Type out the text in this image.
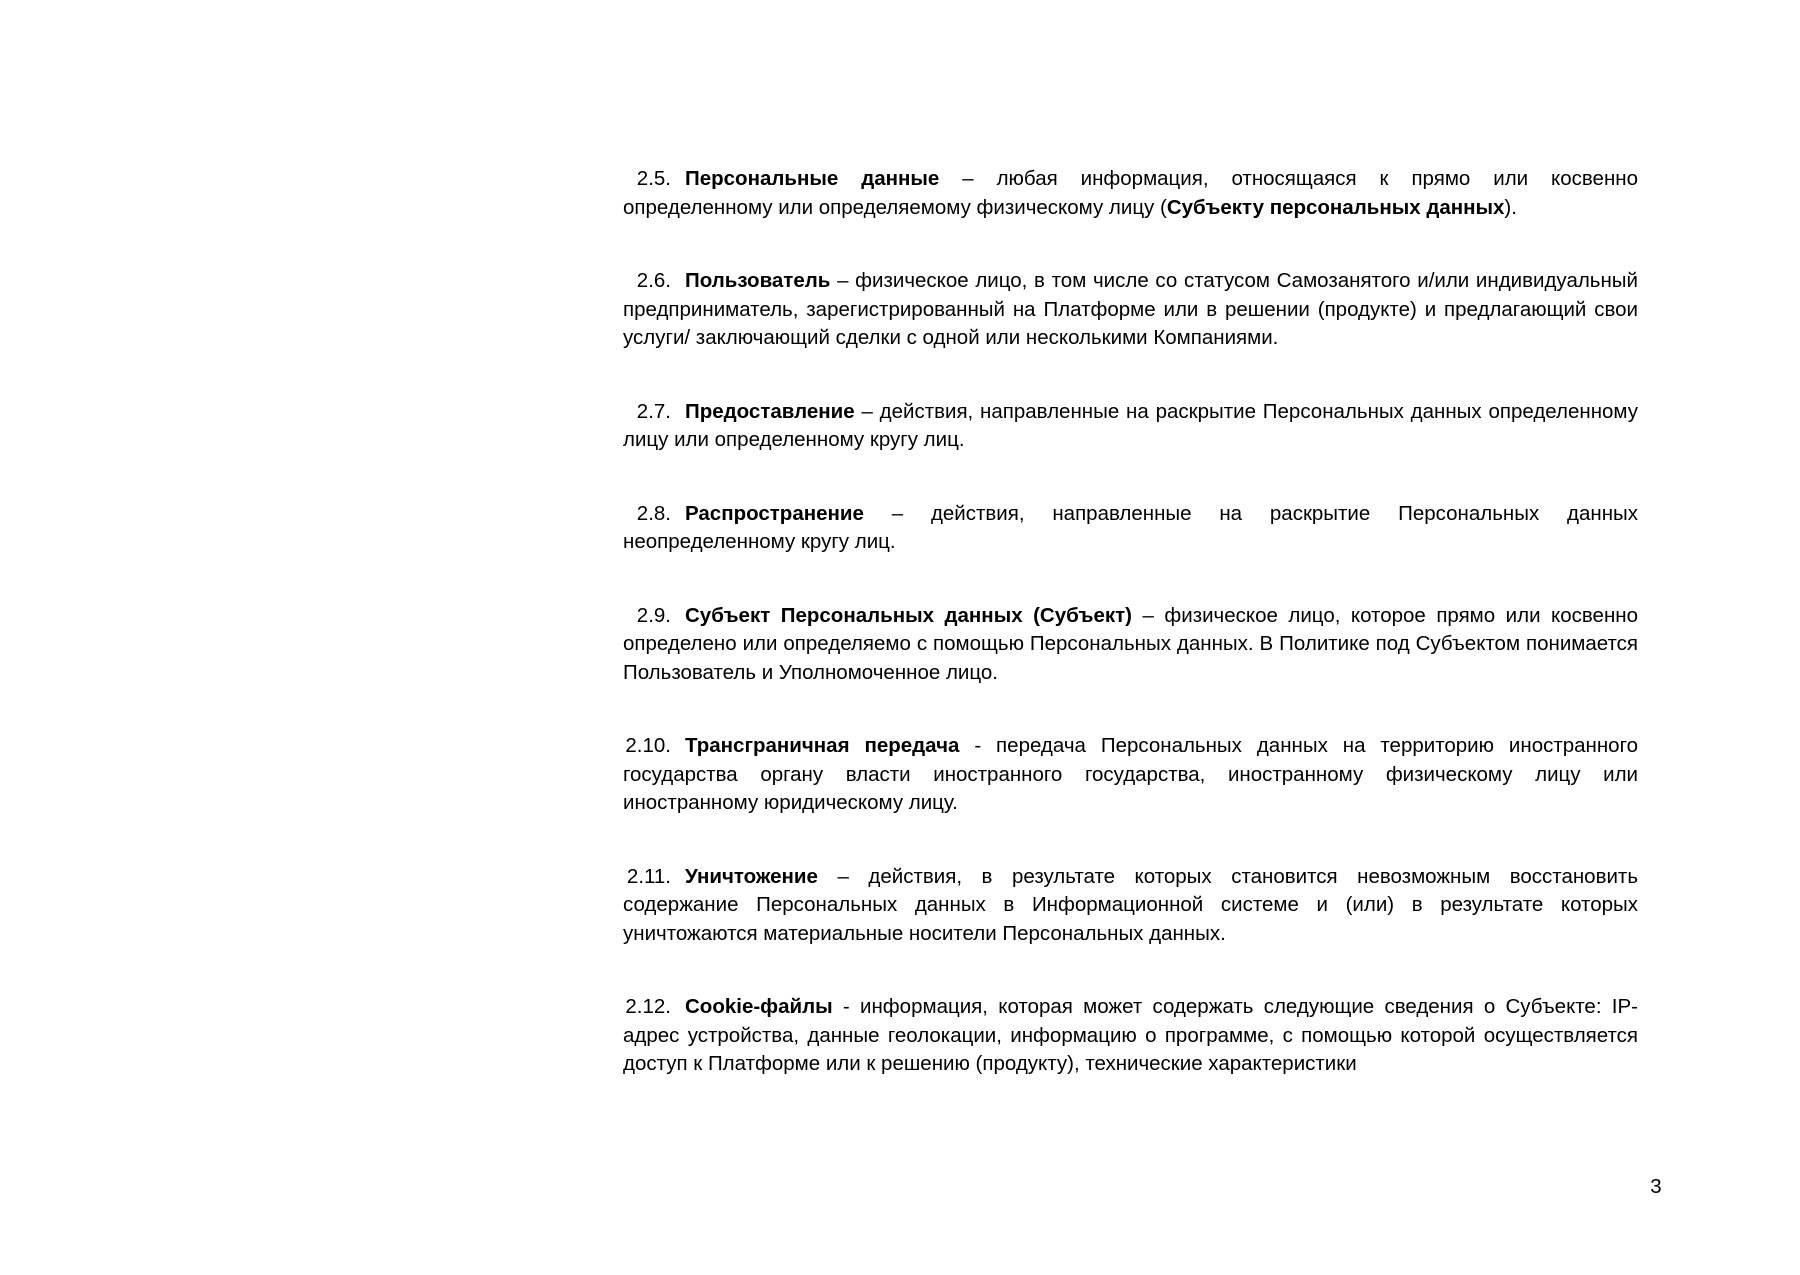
2.5. Персональные данные – любая информация, относящаяся к прямо или косвенно определенному или определяемому физическому лицу (Субъекту персональных данных).

2.6. Пользователь – физическое лицо, в том числе со статусом Самозанятого и/или индивидуальный предприниматель, зарегистрированный на Платформе или в решении (продукте) и предлагающий свои услуги/ заключающий сделки с одной или несколькими Компаниями.

2.7. Предоставление – действия, направленные на раскрытие Персональных данных определенному лицу или определенному кругу лиц.

2.8. Распространение – действия, направленные на раскрытие Персональных данных неопределенному кругу лиц.

2.9. Субъект Персональных данных (Субъект) – физическое лицо, которое прямо или косвенно определено или определяемо с помощью Персональных данных. В Политике под Субъектом понимается Пользователь и Уполномоченное лицо.

2.10. Трансграничная передача - передача Персональных данных на территорию иностранного государства органу власти иностранного государства, иностранному физическому лицу или иностранному юридическому лицу.

2.11. Уничтожение – действия, в результате которых становится невозможным восстановить содержание Персональных данных в Информационной системе и (или) в результате которых уничтожаются материальные носители Персональных данных.

2.12. Cookie-файлы - информация, которая может содержать следующие сведения о Субъекте: IP-адрес устройства, данные геолокации, информацию о программе, с помощью которой осуществляется доступ к Платформе или к решению (продукту), технические характеристики

3
